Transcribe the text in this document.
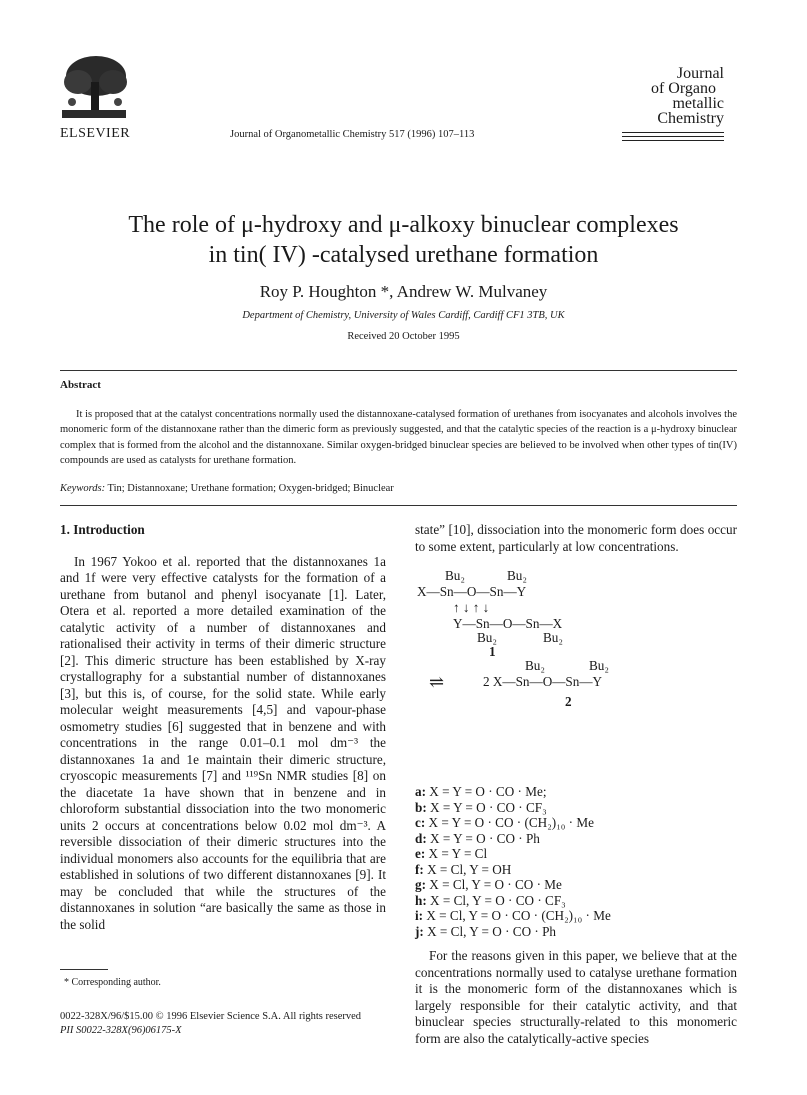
ELSEVIER	Journal of Organometallic Chemistry 517 (1996) 107–113
Journal
of Organo
metallic
Chemistry
The role of μ-hydroxy and μ-alkoxy binuclear complexes
in tin( IV) -catalysed urethane formation
Roy P. Houghton *, Andrew W. Mulvaney
Department of Chemistry, University of Wales Cardiff, Cardiff CF1 3TB, UK
Received 20 October 1995
Abstract
It is proposed that at the catalyst concentrations normally used the distannoxane-catalysed formation of urethanes from isocyanates and alcohols involves the monomeric form of the distannoxane rather than the dimeric form as previously suggested, and that the catalytic species of the reaction is a μ-hydroxy binuclear complex that is formed from the alcohol and the distannoxane. Similar oxygen-bridged binuclear species are believed to be involved when other types of tin(IV) compounds are used as catalysts for urethane formation.
Keywords: Tin; Distannoxane; Urethane formation; Oxygen-bridged; Binuclear
1. Introduction

In 1967 Yokoo et al. reported that the distannoxanes 1a and 1f were very effective catalysts for the formation of a urethane from butanol and phenyl isocyanate [1]. Later, Otera et al. reported a more detailed examination of the catalytic activity of a number of distannoxanes and rationalised their activity in terms of their dimeric structure [2]. This dimeric structure has been established by X-ray crystallography for a substantial number of distannoxanes [3], but this is, of course, for the solid state. While early molecular weight measurements [4,5] and vapour-phase osmometry studies [6] suggested that in benzene and with concentrations in the range 0.01–0.1 mol dm⁻³ the distannoxanes 1a and 1e maintain their dimeric structure, cryoscopic measurements [7] and ¹¹⁹Sn NMR studies [8] on the diacetate 1a have shown that in benzene and in chloroform substantial dissociation into the two monomeric units 2 occurs at concentrations below 0.02 mol dm⁻³. A reversible dissociation of their dimeric structures into the individual monomers also accounts for the equilibria that are established in solutions of two different distannoxanes [9]. It may be concluded that while the structures of the distannoxanes in solution “are basically the same as those in the solid

state” [10], dissociation into the monomeric form does occur to some extent, particularly at low concentrations.

Bu₂	Bu₂
X—Sn—O—Sn—Y
↑ ↓ ↑ ↓
Y—Sn—O—Sn—X
Bu₂	Bu₂
1
Bu₂	Bu₂
⇌	2 X—Sn—O—Sn—Y
2
a: X = Y = O · CO · Me;
b: X = Y = O · CO · CF₃
c: X = Y = O · CO · (CH₂)₁₀ · Me
d: X = Y = O · CO · Ph
e: X = Y = Cl
f: X = Cl, Y = OH
g: X = Cl, Y = O · CO · Me
h: X = Cl, Y = O · CO · CF₃
i: X = Cl, Y = O · CO · (CH₂)₁₀ · Me
j: X = Cl, Y = O · CO · Ph

For the reasons given in this paper, we believe that at the concentrations normally used to catalyse urethane formation it is the monomeric form of the distannoxanes which is largely responsible for their catalytic activity, and that binuclear species structurally-related to this monomeric form are also the catalytically-active species

* Corresponding author.
0022-328X/96/$15.00 © 1996 Elsevier Science S.A. All rights reserved
PII S0022-328X(96)06175-X
